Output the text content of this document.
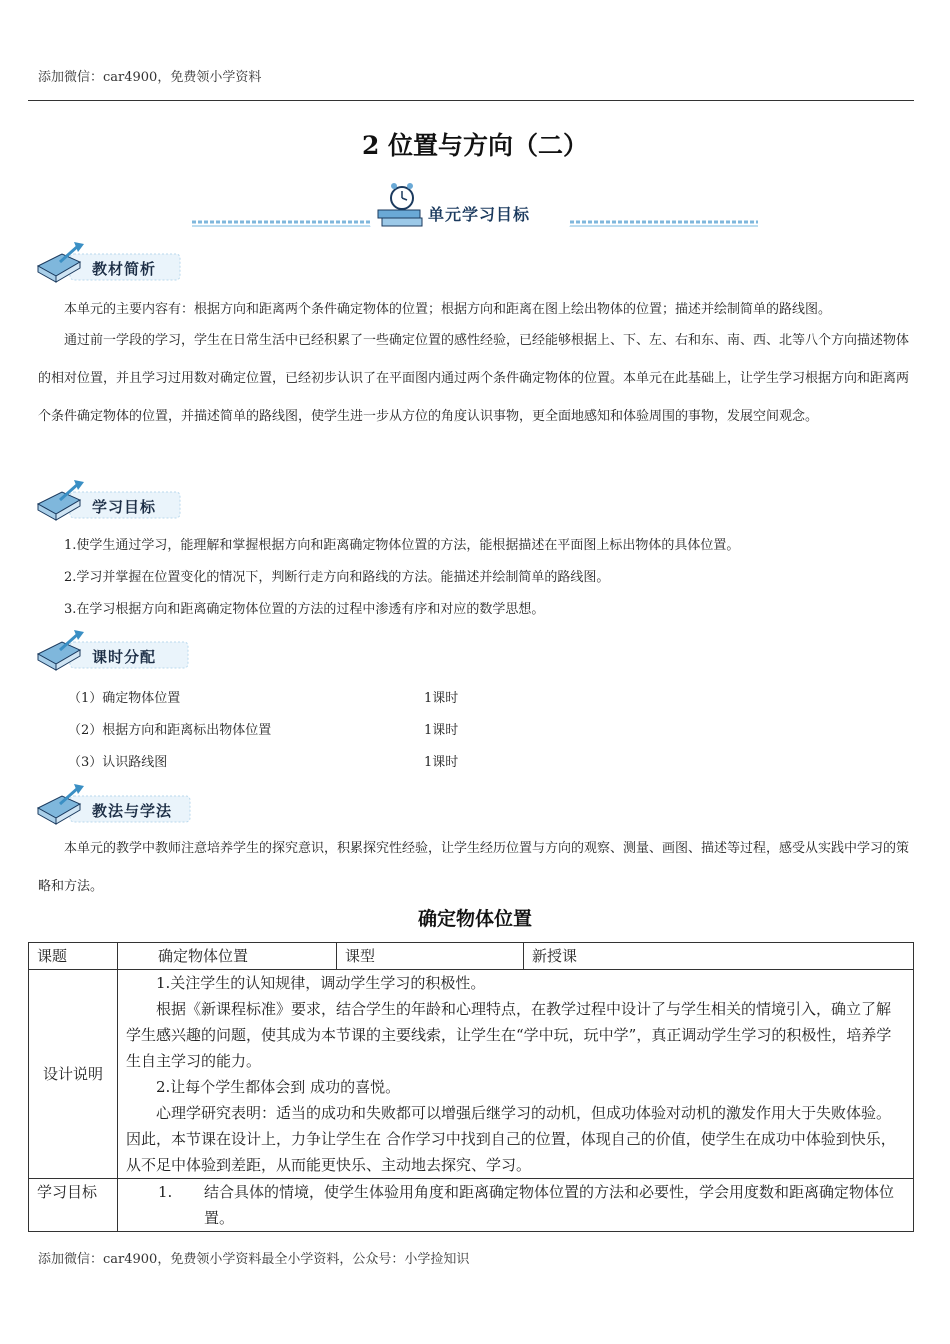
添加微信：car4900，免费领小学资料
2 位置与方向（二）
单元学习目标
教材简析
本单元的主要内容有：根据方向和距离两个条件确定物体的位置；根据方向和距离在图上绘出物体的位置；描述并绘制简单的路线图。
通过前一学段的学习，学生在日常生活中已经积累了一些确定位置的感性经验，已经能够根据上、下、左、右和东、南、西、北等八个方向描述物体的相对位置，并且学习过用数对确定位置，已经初步认识了在平面图内通过两个条件确定物体的位置。本单元在此基础上，让学生学习根据方向和距离两个条件确定物体的位置，并描述简单的路线图，使学生进一步从方位的角度认识事物，更全面地感知和体验周围的事物，发展空间观念。
学习目标
1.使学生通过学习，能理解和掌握根据方向和距离确定物体位置的方法，能根据描述在平面图上标出物体的具体位置。
2.学习并掌握在位置变化的情况下，判断行走方向和路线的方法。能描述并绘制简单的路线图。
3.在学习根据方向和距离确定物体位置的方法的过程中渗透有序和对应的数学思想。
课时分配
（1）确定物体位置	1课时
（2）根据方向和距离标出物体位置	1课时
（3）认识路线图	1课时
教法与学法
本单元的教学中教师注意培养学生的探究意识，积累探究性经验，让学生经历位置与方向的观察、测量、画图、描述等过程，感受从实践中学习的策略和方法。
确定物体位置
课题	确定物体位置	课型	新授课
设计说明	1.关注学生的认知规律，调动学生学习的积极性。

根据《新课程标准》要求，结合学生的年龄和心理特点，在教学过程中设计了与学生相关的情境引入，确立了解 学生感兴趣的问题，使其成为本节课的主要线索，让学生在“学中玩，玩中学”，真正调动学生学习的积极性，培养学生自主学习的能力。

2.让每个学生都体会到 成功的喜悦。

心理学研究表明：适当的成功和失败都可以增强后继学习的动机，但成功体验对动机的激发作用大于失败体验。因此，本节课在设计上，力争让学生在 合作学习中找到自己的位置，体现自己的价值，使学生在成功中体验到快乐，从不足中体验到差距，从而能更快乐、主动地去探究、学习。		

学习目标	1. 结合具体的情境，使学生体验用角度和距离确定物体位置的方法和必要性，学会用度数和距离确定物体位置。		
添加微信：car4900，免费领小学资料最全小学资料，公众号：小学捡知识
